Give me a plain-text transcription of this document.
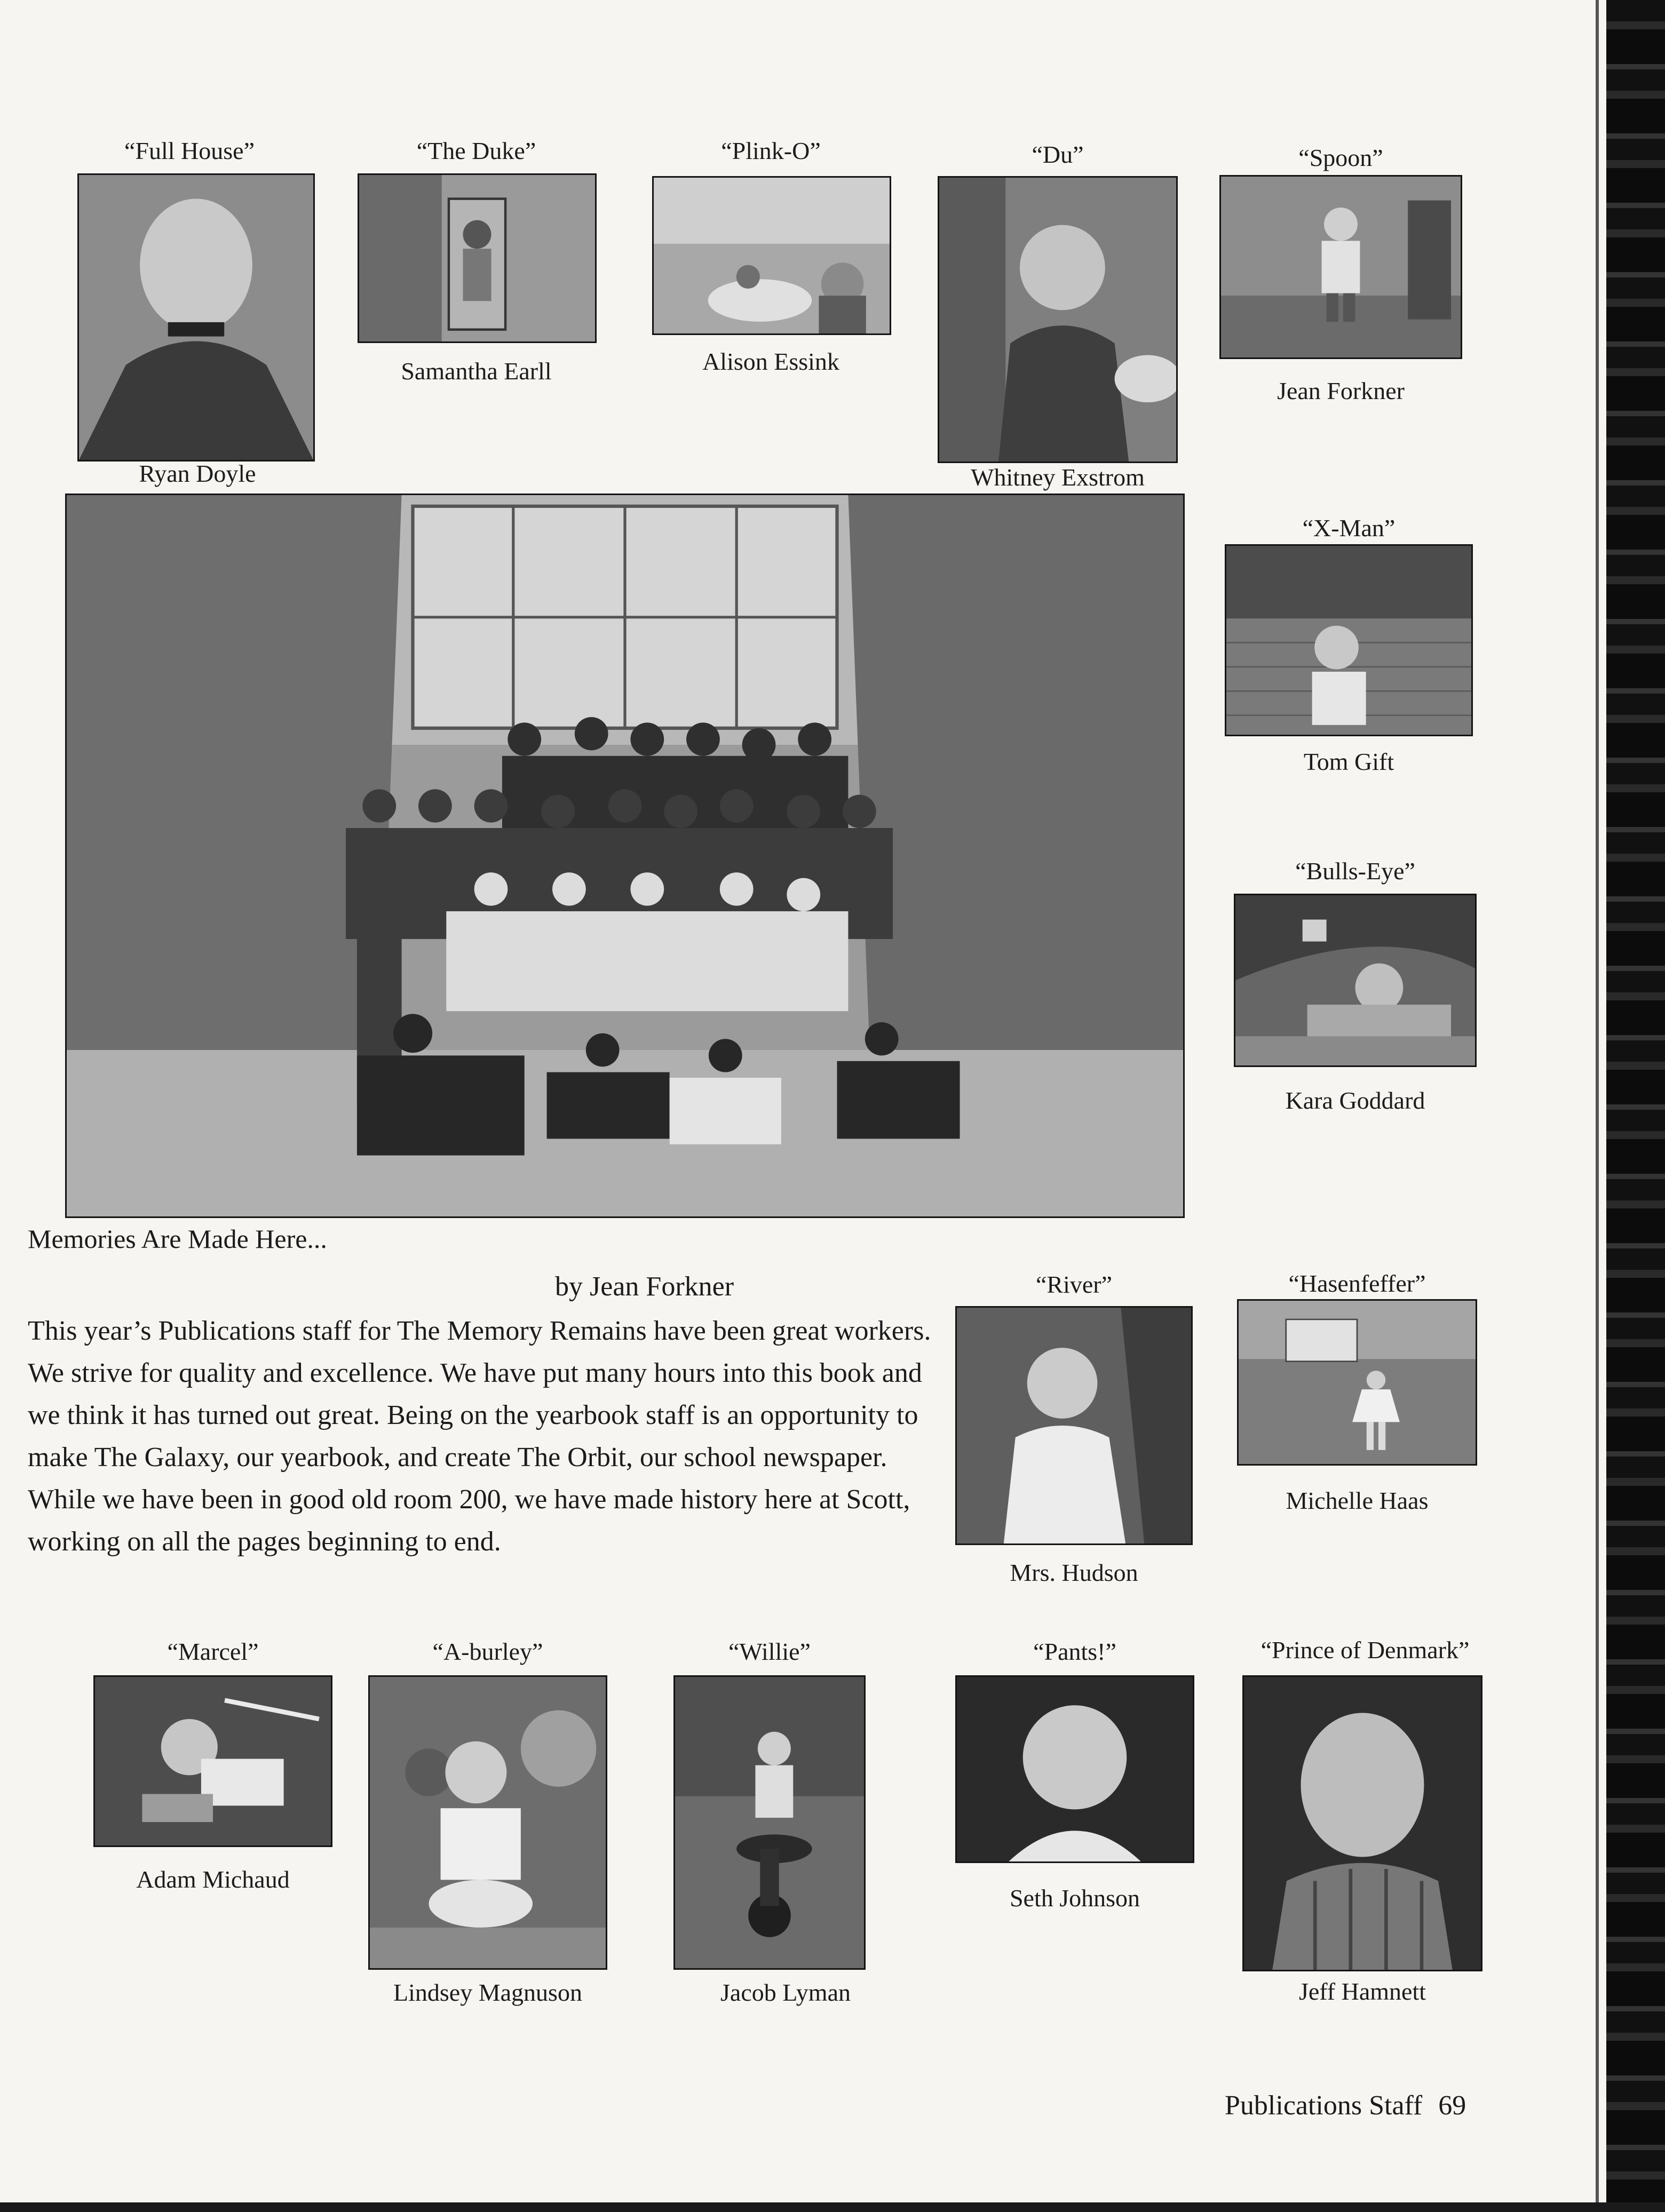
“Full House”
Ryan Doyle
“The Duke”
Samantha Earll
“Plink-O”
Alison Essink
“Du”
Whitney Exstrom
“Spoon”
Jean Forkner
“X-Man”
Tom Gift
“Bulls-Eye”
Kara Goddard
Memories Are Made Here...
by Jean Forkner

This year’s Publications staff for The Memory Remains have been great workers. We strive for quality and excellence. We have put many hours into this book and we think it has turned out great. Being on the yearbook staff is an opportunity to make The Galaxy, our yearbook, and create The Orbit, our school newspaper. While we have been in good old room 200, we have made history here at Scott, working on all the pages beginning to end.

“River”
Mrs. Hudson
“Hasenfeffer”
Michelle Haas
“Marcel”
Adam Michaud
“A-burley”
Lindsey Magnuson
“Willie”
Jacob Lyman
“Pants!”
Seth Johnson
“Prince of Denmark”
Jeff Hamnett
Publications Staff 69
